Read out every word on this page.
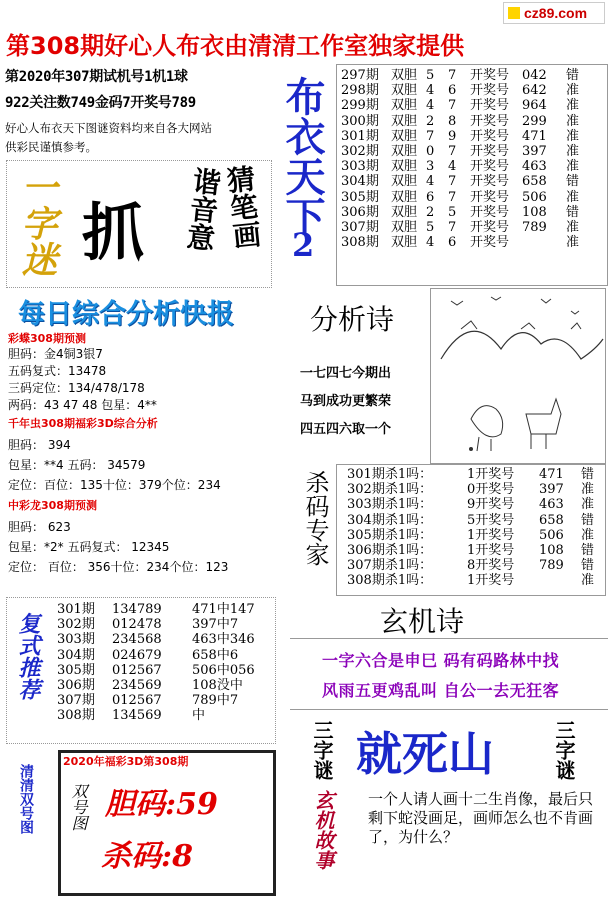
cz89.com
第308期好心人布衣由清清工作室独家提供
第2020年307期试机号1机1球
922关注数749金码7开奖号789
好心人布衣天下图谜资料均来自各大网站
供彩民谨慎参考。
一字迷 抓	猜笔画
谐音意 布衣天下
2
297期 双胆 5	7	开奖号 042	错
298期 双胆 4	6	开奖号 642	准
299期 双胆 4	7	开奖号 964	准
300期 双胆 2	8	开奖号 299	准
301期 双胆 7	9	开奖号 471	准
302期 双胆 0	7	开奖号 397	准
303期 双胆 3	4	开奖号 463	准
304期 双胆 4	7	开奖号 658	错
305期 双胆 6	7	开奖号 506	准
306期 双胆 2	5	开奖号 108	错
307期 双胆 5	7	开奖号 789	准
308期 双胆 4	6	开奖号	准
每日综合分析快报
彩蝶308期预测
胆码：金4铜3银7
五码复式：13478
三码定位：134/478/178
两码：43 47 48 包星：4**
千年虫308期福彩3D综合分析
胆码： 394
包星：**4 五码： 34579
定位：百位：135十位：379个位：234
中彩龙308期预测
胆码： 623
包星：*2* 五码复式： 12345
定位： 百位： 356十位：234个位：123
分析诗
一七四七今期出
马到成功更繁荣
四五四六取一个
杀码专家 301期杀1吗：	1开奖号	471	错
302期杀1吗：	0开奖号	397	准
303期杀1吗：	9开奖号	463	准
304期杀1吗：	5开奖号	658	错
305期杀1吗：	1开奖号	506	准
306期杀1吗：	1开奖号	108	错
307期杀1吗：	8开奖号	789	错
308期杀1吗：	1开奖号	准
复式推荐
301期	134789	471中147
302期	012478	397中7
303期	234568	463中346
304期	024679	658中6
305期	012567	506中056
306期	234569	108没中
307期	012567	789中7
308期	134569	中
玄机诗
一字六合是申巳 码有码路林中找
风雨五更鸡乱叫 自公一去无狂客
三字谜	三字谜
就死山
玄机故事 一个人请人画十二生肖像，最后只剩下蛇没画足，画师怎么也不肯画了，为什么？
清清双号图
2020年福彩3D第308期
双号图 胆码:59
杀码:8
